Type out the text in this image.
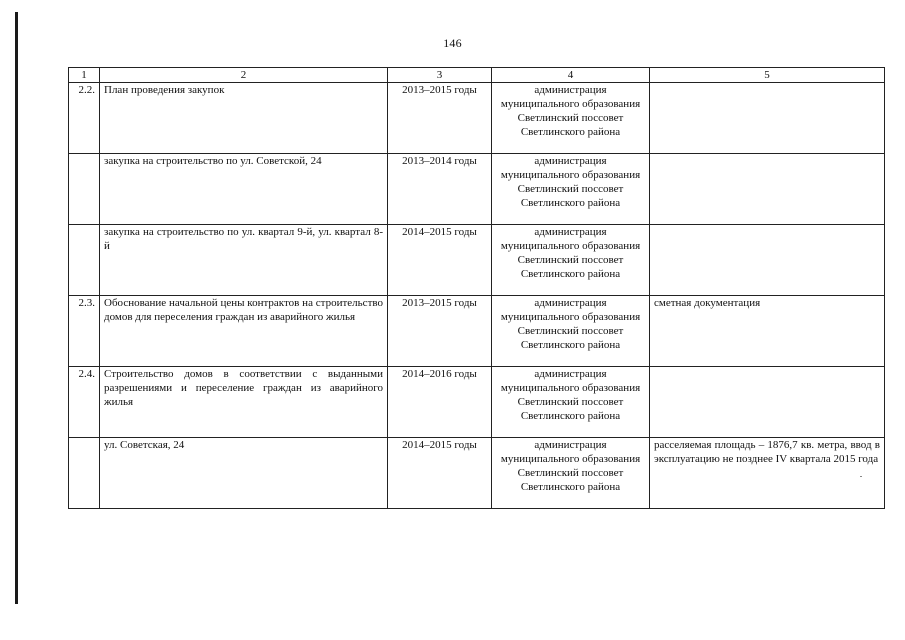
146
1	2	3	4	5
2.2.	План проведения закупок	2013–2015 годы	администрация муниципального образования Светлинский поссовет Светлинского района	
	закупка на строительство по ул. Советской, 24	2013–2014 годы	администрация муниципального образования Светлинский поссовет Светлинского района	
	закупка на строительство по ул. квартал 9-й, ул. квартал 8-й	2014–2015 годы	администрация муниципального образования Светлинский поссовет Светлинского района	
2.3.	Обоснование начальной цены контрактов на строительство домов для переселения граждан из аварийного жилья	2013–2015 годы	администрация муниципального образования Светлинский поссовет Светлинского района	сметная документация
2.4.	Строительство домов в соответствии с выданными разрешениями и переселение граждан из аварийного жилья	2014–2016 годы	администрация муниципального образования Светлинский поссовет Светлинского района	
	ул. Советская, 24	2014–2015 годы	администрация муниципального образования Светлинский поссовет Светлинского района	расселяемая площадь – 1876,7 кв. метра, ввод в эксплуатацию не позднее IV квартала 2015 года
